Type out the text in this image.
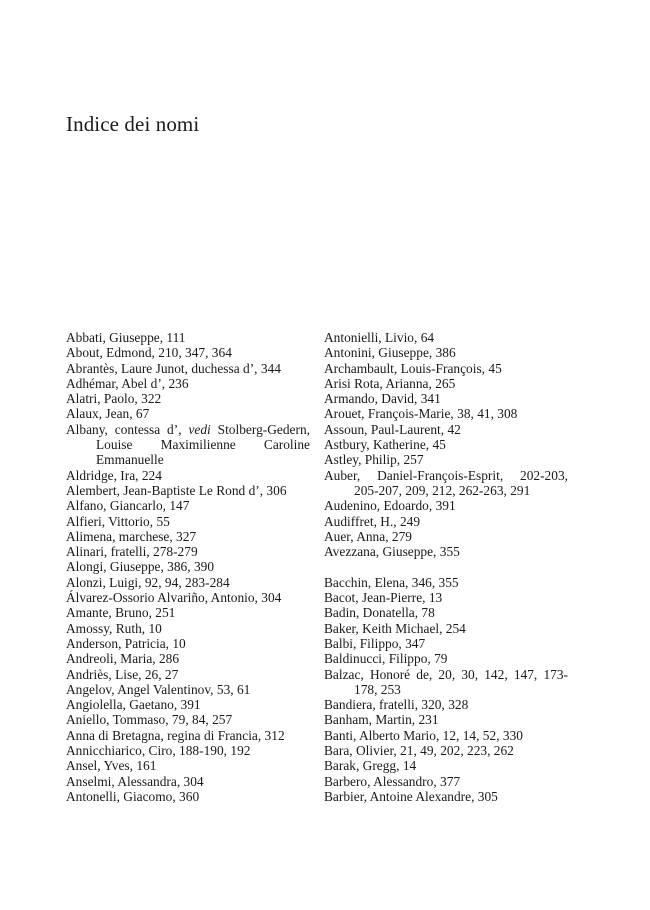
Indice dei nomi

Abbati, Giuseppe, 111

About, Edmond, 210, 347, 364

Abrantès, Laure Junot, duchessa d’, 344

Adhémar, Abel d’, 236

Alatri, Paolo, 322

Alaux, Jean, 67

Albany, contessa d’, vedi Stolberg-Gedern, Louise Maximilienne Caroline Emmanuelle

Aldridge, Ira, 224

Alembert, Jean-Baptiste Le Rond d’, 306

Alfano, Giancarlo, 147

Alfieri, Vittorio, 55

Alimena, marchese, 327

Alinari, fratelli, 278-279

Alongi, Giuseppe, 386, 390

Alonzi, Luigi, 92, 94, 283-284

Álvarez-Ossorio Alvariño, Antonio, 304

Amante, Bruno, 251

Amossy, Ruth, 10

Anderson, Patricia, 10

Andreoli, Maria, 286

Andriès, Lise, 26, 27

Angelov, Angel Valentinov, 53, 61

Angiolella, Gaetano, 391

Aniello, Tommaso, 79, 84, 257

Anna di Bretagna, regina di Francia, 312

Annicchiarico, Ciro, 188-190, 192

Ansel, Yves, 161

Anselmi, Alessandra, 304

Antonelli, Giacomo, 360

Antonielli, Livio, 64

Antonini, Giuseppe, 386

Archambault, Louis-François, 45

Arisi Rota, Arianna, 265

Armando, David, 341

Arouet, François-Marie, 38, 41, 308

Assoun, Paul-Laurent, 42

Astbury, Katherine, 45

Astley, Philip, 257

Auber, Daniel-François-Esprit, 202-203, 205-207, 209, 212, 262-263, 291

Audenino, Edoardo, 391

Audiffret, H., 249

Auer, Anna, 279

Avezzana, Giuseppe, 355

Bacchin, Elena, 346, 355

Bacot, Jean-Pierre, 13

Badin, Donatella, 78

Baker, Keith Michael, 254

Balbi, Filippo, 347

Baldinucci, Filippo, 79

Balzac, Honoré de, 20, 30, 142, 147, 173-178, 253

Bandiera, fratelli, 320, 328

Banham, Martin, 231

Banti, Alberto Mario, 12, 14, 52, 330

Bara, Olivier, 21, 49, 202, 223, 262

Barak, Gregg, 14

Barbero, Alessandro, 377

Barbier, Antoine Alexandre, 305
